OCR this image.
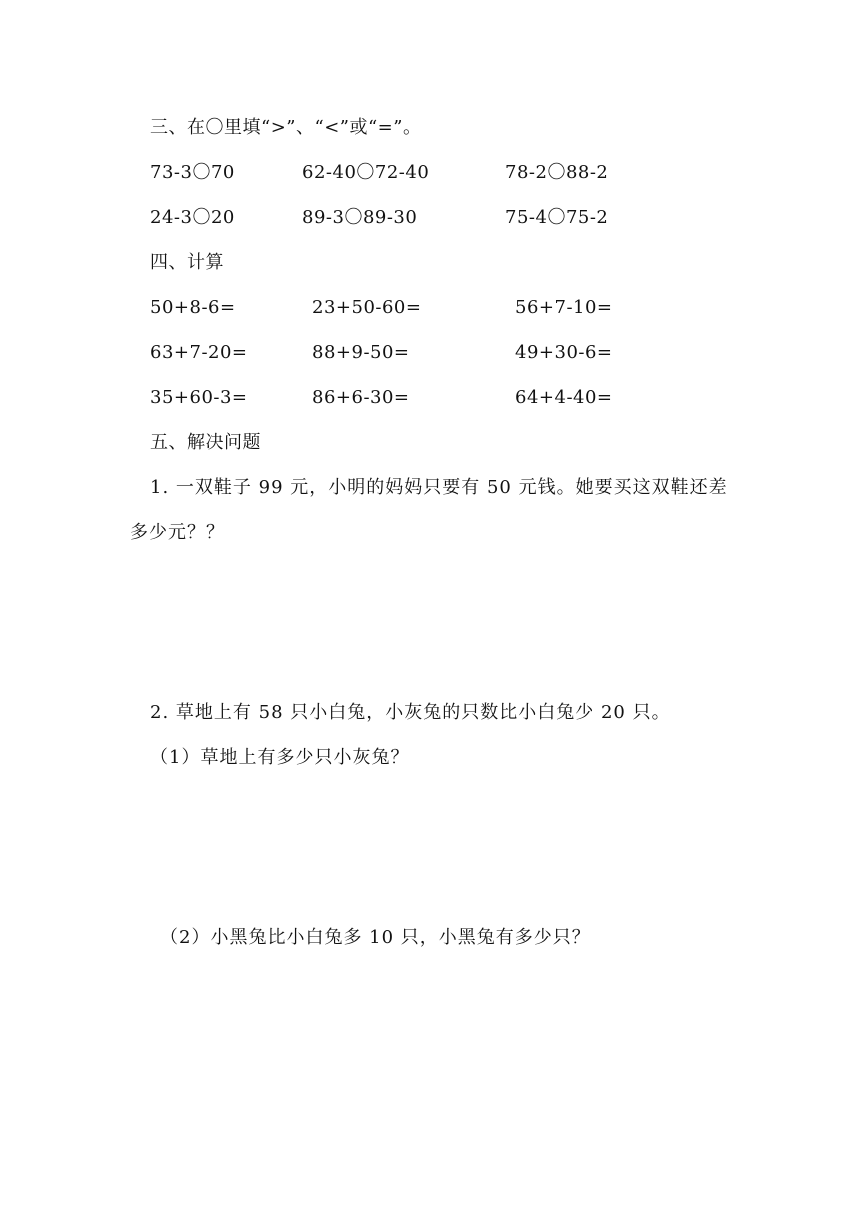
三、在〇里填“>”、“<”或“=”。
73-3〇70	62-40〇72-40	78-2〇88-2
24-3〇20	89-3〇89-30	75-4〇75-2
四、计算
50+8-6=	23+50-60=	56+7-10=
63+7-20=	88+9-50=	49+30-6=
35+60-3=	86+6-30=	64+4-40=
五、解决问题
1. 一双鞋子 99 元，小明的妈妈只要有 50 元钱。她要买这双鞋还差
多少元？？
2. 草地上有 58 只小白兔，小灰兔的只数比小白兔少 20 只。
（1）草地上有多少只小灰兔？
（2）小黑兔比小白兔多 10 只，小黑兔有多少只？
